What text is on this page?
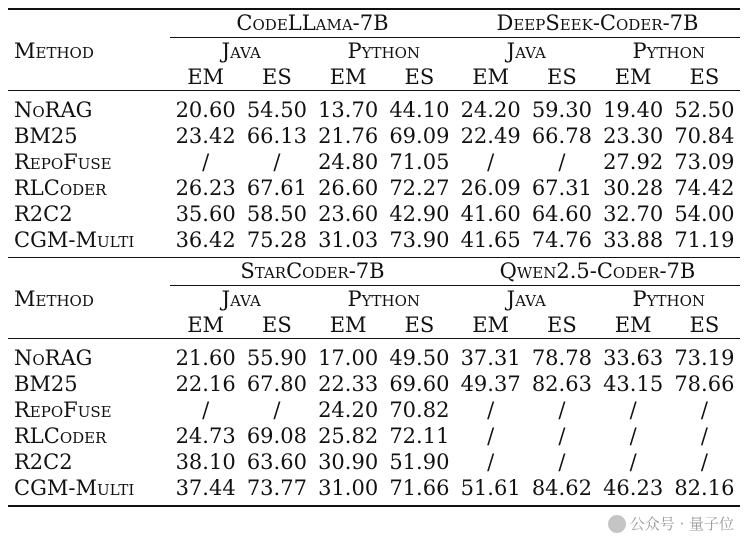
	CodeLLama-7B				DeepSeek-Coder-7B			
Method	Java		Python		Java		Python	
	EM	ES	EM	ES	EM	ES	EM	ES

NoRAG	20.60	54.50	13.70	44.10	24.20	59.30	19.40	52.50
BM25	23.42	66.13	21.76	69.09	22.49	66.78	23.30	70.84
RepoFuse	/	/	24.80	71.05	/	/	27.92	73.09
RLCoder	26.23	67.61	26.60	72.27	26.09	67.31	30.28	74.42
R2C2	35.60	58.50	23.60	42.90	41.60	64.60	32.70	54.00
CGM-Multi	36.42	75.28	31.03	73.90	41.65	74.76	33.88	71.19

	StarCoder-7B				Qwen2.5-Coder-7B			
Method	Java		Python		Java		Python	
	EM	ES	EM	ES	EM	ES	EM	ES

NoRAG	21.60	55.90	17.00	49.50	37.31	78.78	33.63	73.19
BM25	22.16	67.80	22.33	69.60	49.37	82.63	43.15	78.66
RepoFuse	/	/	24.20	70.82	/	/	/	/
RLCoder	24.73	69.08	25.82	72.11	/	/	/	/
R2C2	38.10	63.60	30.90	51.90	/	/	/	/
CGM-Multi	37.44	73.77	31.00	71.66	51.61	84.62	46.23	82.16

公众号 · 量子位
